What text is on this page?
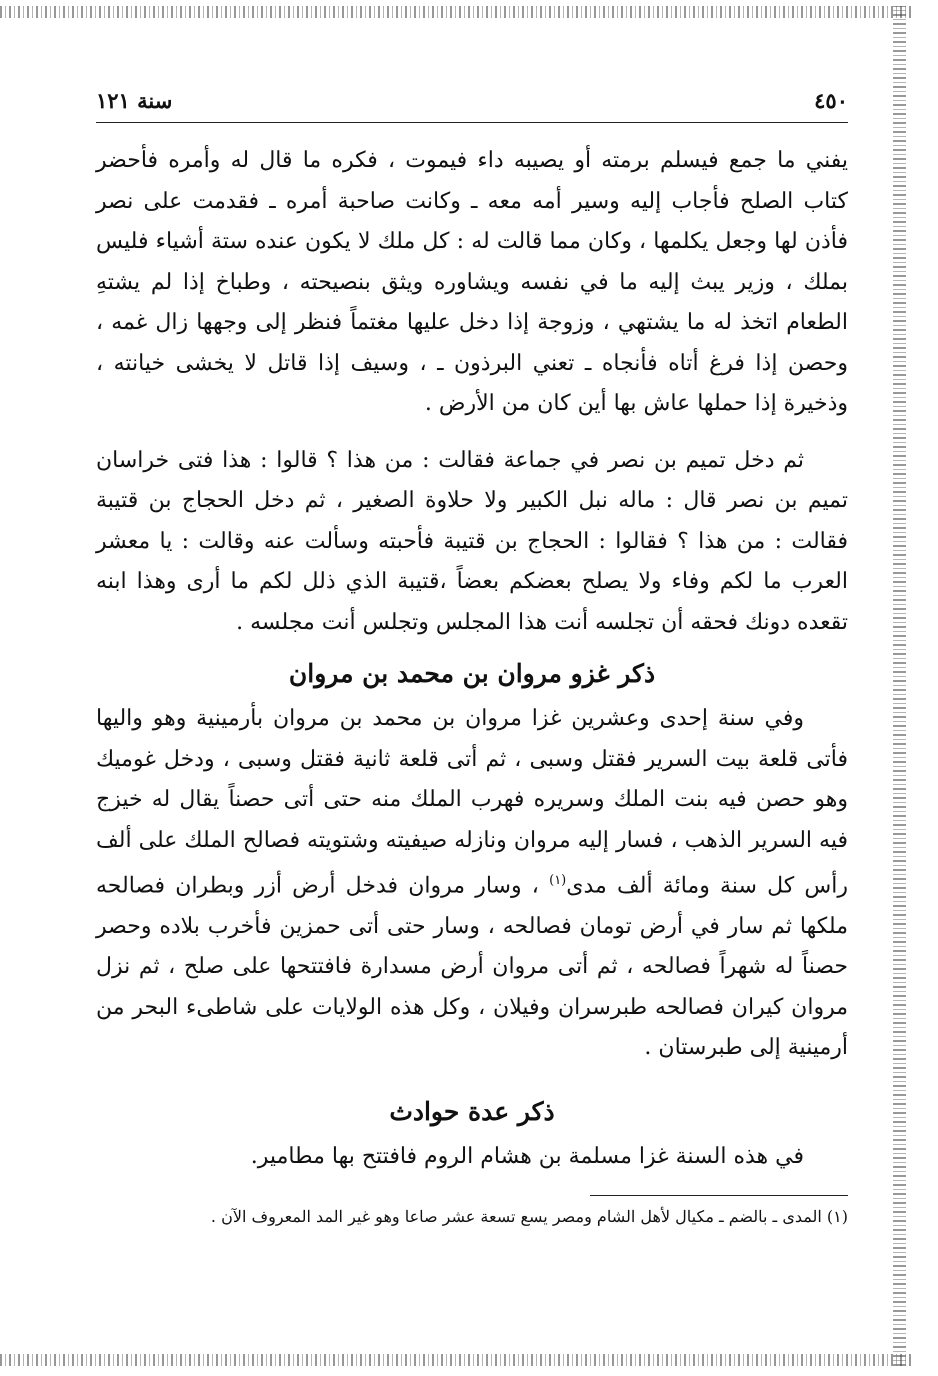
٤٥٠
سنة ١٢١

يفني ما جمع فيسلم برمته أو يصيبه داء فيموت ، فكره ما قال له وأمره فأحضر كتاب الصلح فأجاب إليه وسير أمه معه ـ وكانت صاحبة أمره ـ فقدمت على نصر فأذن لها وجعل يكلمها ، وكان مما قالت له : كل ملك لا يكون عنده ستة أشياء فليس بملك ، وزير يبث إليه ما في نفسه ويشاوره ويثق بنصيحته ، وطباخ إذا لم يشتهِ الطعام اتخذ له ما يشتهي ، وزوجة إذا دخل عليها مغتماً فنظر إلى وجهها زال غمه ، وحصن إذا فرغ أتاه فأنجاه ـ تعني البرذون ـ ، وسيف إذا قاتل لا يخشى خيانته ، وذخيرة إذا حملها عاش بها أين كان من الأرض .

ثم دخل تميم بن نصر في جماعة فقالت : من هذا ؟ قالوا : هذا فتى خراسان تميم بن نصر قال : ماله نبل الكبير ولا حلاوة الصغير ، ثم دخل الحجاج بن قتيبة فقالت : من هذا ؟ فقالوا : الحجاج بن قتيبة فأحبته وسألت عنه وقالت : يا معشر العرب ما لكم وفاء ولا يصلح بعضكم بعضاً ،قتيبة الذي ذلل لكم ما أرى وهذا ابنه تقعده دونك فحقه أن تجلسه أنت هذا المجلس وتجلس أنت مجلسه .

ذكر غزو مروان بن محمد بن مروان

وفي سنة إحدى وعشرين غزا مروان بن محمد بن مروان بأرمينية وهو واليها فأتى قلعة بيت السرير فقتل وسبى ، ثم أتى قلعة ثانية فقتل وسبى ، ودخل غوميك وهو حصن فيه بنت الملك وسريره فهرب الملك منه حتى أتى حصناً يقال له خيزج فيه السرير الذهب ، فسار إليه مروان ونازله صيفيته وشتويته فصالح الملك على ألف رأس كل سنة ومائة ألف مدى$^{(١)}$ ، وسار مروان فدخل أرض أزر وبطران فصالحه ملكها ثم سار في أرض تومان فصالحه ، وسار حتى أتى حمزين فأخرب بلاده وحصر حصناً له شهراً فصالحه ، ثم أتى مروان أرض مسدارة فافتتحها على صلح ، ثم نزل مروان كيران فصالحه طبرسران وفيلان ، وكل هذه الولايات على شاطىء البحر من أرمينية إلى طبرستان .

ذكر عدة حوادث

في هذه السنة غزا مسلمة بن هشام الروم فافتتح بها مطامير.

(١) المدى ـ بالضم ـ مكيال لأهل الشام ومصر يسع تسعة عشر صاعا وهو غير المد المعروف الآن .
